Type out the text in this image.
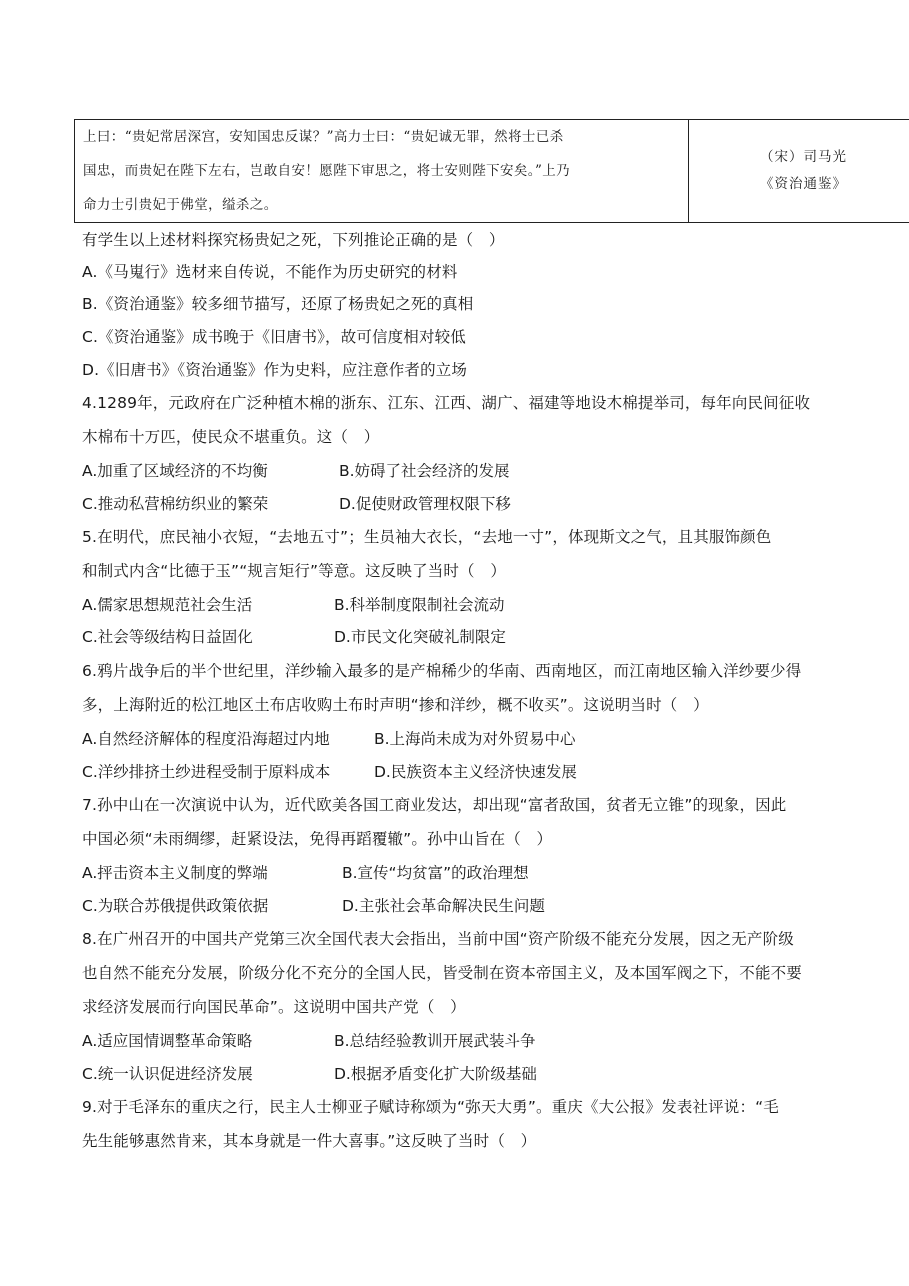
上曰：“贵妃常居深宫，安知国忠反谋？”高力士曰：“贵妃诚无罪，然将士已杀
国忠，而贵妃在陛下左右，岂敢自安！愿陛下审思之，将士安则陛下安矣。”上乃
命力士引贵妃于佛堂，缢杀之。

（宋）司马光
《资治通鉴》
有学生以上述材料探究杨贵妃之死，下列推论正确的是（　）
A.《马嵬行》选材来自传说，不能作为历史研究的材料
B.《资治通鉴》较多细节描写，还原了杨贵妃之死的真相
C.《资治通鉴》成书晚于《旧唐书》，故可信度相对较低
D.《旧唐书》《资治通鉴》作为史料，应注意作者的立场
4.1289年，元政府在广泛种植木棉的浙东、江东、江西、湖广、福建等地设木棉提举司，每年向民间征收
木棉布十万匹，使民众不堪重负。这（　）
A.加重了区域经济的不均衡	B.妨碍了社会经济的发展
C.推动私营棉纺织业的繁荣	D.促使财政管理权限下移
5.在明代，庶民袖小衣短，“去地五寸”；生员袖大衣长，“去地一寸”，体现斯文之气，且其服饰颜色
和制式内含“比德于玉”“规言矩行”等意。这反映了当时（　）
A.儒家思想规范社会生活	B.科举制度限制社会流动
C.社会等级结构日益固化	D.市民文化突破礼制限定
6.鸦片战争后的半个世纪里，洋纱输入最多的是产棉稀少的华南、西南地区，而江南地区输入洋纱要少得
多，上海附近的松江地区土布店收购土布时声明“掺和洋纱，概不收买”。这说明当时（　）
A.自然经济解体的程度沿海超过内地	B.上海尚未成为对外贸易中心
C.洋纱排挤土纱进程受制于原料成本	D.民族资本主义经济快速发展
7.孙中山在一次演说中认为，近代欧美各国工商业发达，却出现“富者敌国，贫者无立锥”的现象，因此
中国必须“未雨绸缪，赶紧设法，免得再蹈覆辙”。孙中山旨在（　）
A.抨击资本主义制度的弊端	B.宣传“均贫富”的政治理想
C.为联合苏俄提供政策依据	D.主张社会革命解决民生问题
8.在广州召开的中国共产党第三次全国代表大会指出，当前中国“资产阶级不能充分发展，因之无产阶级
也自然不能充分发展，阶级分化不充分的全国人民，皆受制在资本帝国主义，及本国军阀之下，不能不要
求经济发展而行向国民革命”。这说明中国共产党（　）
A.适应国情调整革命策略	B.总结经验教训开展武装斗争
C.统一认识促进经济发展	D.根据矛盾变化扩大阶级基础
9.对于毛泽东的重庆之行，民主人士柳亚子赋诗称颂为“弥天大勇”。重庆《大公报》发表社评说：“毛
先生能够惠然肯来，其本身就是一件大喜事。”这反映了当时（　）
